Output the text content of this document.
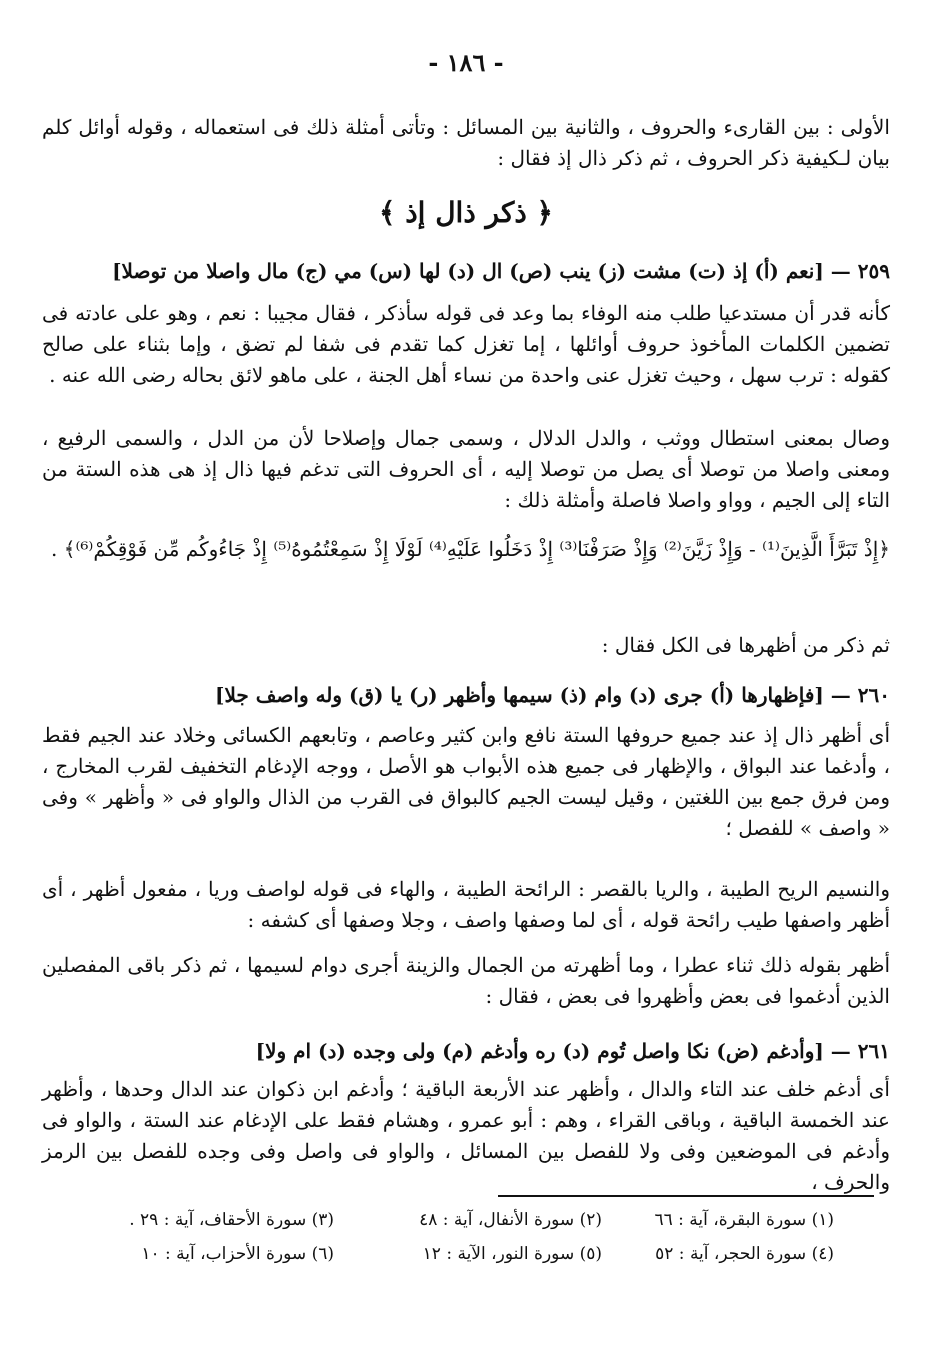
- ١٨٦ -
الأولى : بين القارىء والحروف ، والثانية بين المسائل : وتأتى أمثلة ذلك فى استعماله ، وقوله أوائل كلم بيان لـكيفية ذكر الحروف ، ثم ذكر ذال إذ فقال :
﴿ ذكر ذال إذ ﴾
٢٥٩ — [نعم (أ) إذ (ت) مشت (ز) ينب (ص) ال (د) لها (س) مي (ج) مال واصلا من توصلا]
كأنه قدر أن مستدعيا طلب منه الوفاء بما وعد فى قوله سأذكر ، فقال مجيبا : نعم ، وهو على عادته فى تضمين الكلمات المأخوذ حروف أوائلها ، إما تغزل كما تقدم فى شفا لم تضق ، وإما بثناء على صالح كقوله : ترب سهل ، وحيث تغزل عنى واحدة من نساء أهل الجنة ، على ماهو لائق بحاله رضى الله عنه .
وصال بمعنى استطال ووثب ، والدل الدلال ، وسمى جمال وإصلاحا لأن من الدل ، والسمى الرفيع ، ومعنى واصلا من توصلا أى يصل من توصلا إليه ، أى الحروف التى تدغم فيها ذال إذ هى هذه الستة من التاء إلى الجيم ، وواو واصلا فاصلة وأمثلة ذلك :
﴿إِذْ تَبَرَّأَ الَّذِينَ⁽¹⁾ - وَإِذْ زَيَّنَ⁽²⁾ وَإِذْ صَرَفْنَا⁽³⁾ إِذْ دَخَلُوا عَلَيْهِ⁽⁴⁾ لَوْلَا إِذْ سَمِعْتُمُوهُ⁽⁵⁾ إِذْ جَاءُوكُم مِّن فَوْقِكُمْ⁽⁶⁾﴾ .
ثم ذكر من أظهرها فى الكل فقال :
٢٦٠ — [فإظهارها (أ) جرى (د) وام (ذ) سيمها وأظهر (ر) يا (ق) وله واصف جلا]
أى أظهر ذال إذ عند جميع حروفها الستة نافع وابن كثير وعاصم ، وتابعهم الكسائى وخلاد عند الجيم فقط ، وأدغما عند البواق ، والإظهار فى جميع هذه الأبواب هو الأصل ، ووجه الإدغام التخفيف لقرب المخارج ، ومن فرق جمع بين اللغتين ، وقيل ليست الجيم كالبواق فى القرب من الذال والواو فى « وأظهر » وفى « واصف » للفصل ؛
والنسيم الريح الطيبة ، والريا بالقصر : الرائحة الطيبة ، والهاء فى قوله لواصف وريا ، مفعول أظهر ، أى أظهر واصفها طيب رائحة قوله ، أى لما وصفها واصف ، وجلا وصفها أى كشفه :
أظهر بقوله ذلك ثناء عطرا ، وما أظهرته من الجمال والزينة أجرى دوام لسيمها ، ثم ذكر باقى المفصلين الذين أدغموا فى بعض وأظهروا فى بعض ، فقال :
٢٦١ — [وأدغم (ض) نكا واصل تُوم (د) ره وأدغم (م) ولى وجده (د) ام ولا]
أى أدغم خلف عند التاء والدال ، وأظهر عند الأربعة الباقية ؛ وأدغم ابن ذكوان عند الدال وحدها ، وأظهر عند الخمسة الباقية ، وباقى القراء ، وهم : أبو عمرو ، وهشام فقط على الإدغام عند الستة ، والواو فى وأدغم فى الموضعين وفى ولا للفصل بين المسائل ، والواو فى واصل وفى وجده للفصل بين الرمز والحرف ،
(١) سورة البقرة، آية : ٦٦
(٢) سورة الأنفال، آية : ٤٨
(٣) سورة الأحقاف، آية : ٢٩ .
(٤) سورة الحجر، آية : ٥٢
(٥) سورة النور، الآية : ١٢
(٦) سورة الأحزاب، آية : ١٠
